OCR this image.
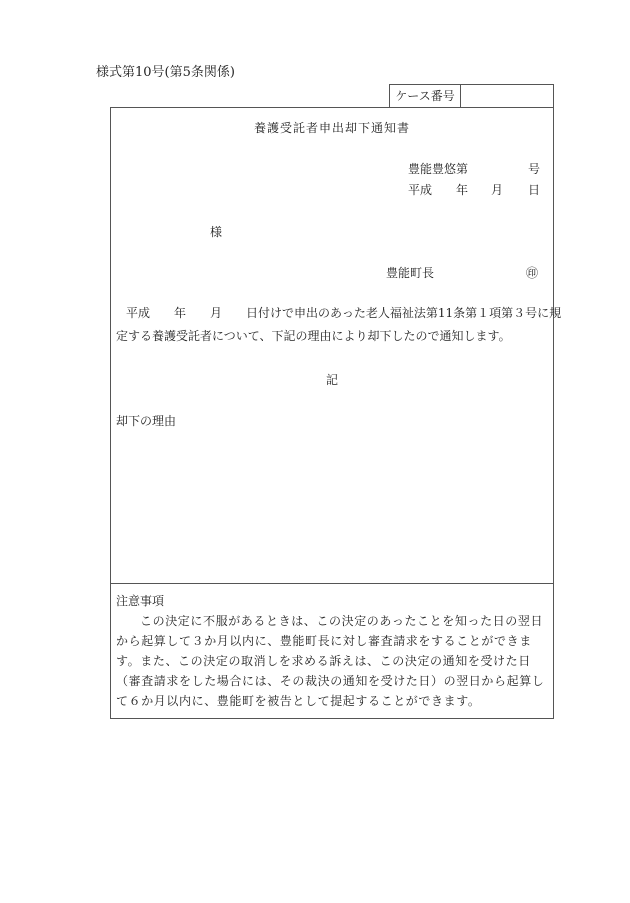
様式第10号(第5条関係)
ケース番号
養護受託者申出却下通知書
豊能豊悠第	号
平成 年 月 日
様
豊能町長	㊞
平成　　年　　月　　日付けで申出のあった老人福祉法第11条第１項第３号に規
定する養護受託者について、下記の理由により却下したので通知します。
記
却下の理由
注意事項

この決定に不服があるときは、この決定のあったことを知った日の翌日から起算して３か月以内に、豊能町長に対し審査請求をすることができます。また、この決定の取消しを求める訴えは、この決定の通知を受けた日（審査請求をした場合には、その裁決の通知を受けた日）の翌日から起算して６か月以内に、豊能町を被告として提起することができます。
